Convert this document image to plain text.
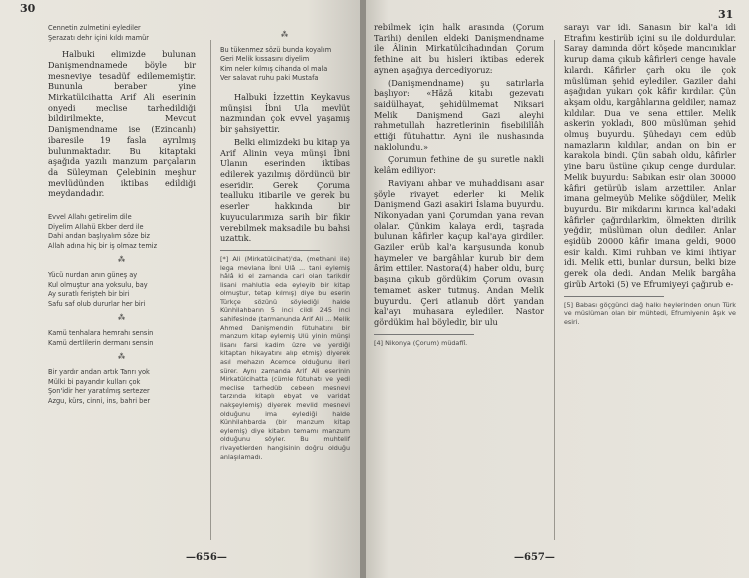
30
Cennetin zulmetini eylediler
Şerazatı dehr içini kıldı mamür

Halbuki elimizde bulunan Danişmendnamede böyle bir mesneviye tesadüf edilememiştir. Bununla beraber yine Mirkatülcihatta Arif Ali eserinin onyedi meclise tarhedildiği bildirilmekte, Mevcut Danişmendname ise (Ezincanlı) ibaresile 19 fasla ayrılmış bulunmaktadır. Bu kitaptaki aşağıda yazılı manzum parçaların da Süleyman Çelebinin meşhur mevlüdünden iktibas edildiği meydandadır.

Evvel Allahı getirelim dile
Diyelim Allahü Ekber derd ile
Dahi andan başlıyalım söze biz
Allah adına hiç bir iş olmaz temiz
⁂
Yücü nurdan anın güneş ay
Kul olmuştur ana yoksulu, bay
Ay suratlı ferişteh bir biri
Safu saf olub dururlar her biri
⁂
Kamü tenhalara hemrahı sensin
Kamü dertlilerin dermanı sensin
⁂
Bir yardır andan artık Tanrı yok
Mülki bi payandır kulları çok
Şon'idir her yaratılmış sertezer
Azgu, kürs, cinni, ins, bahri ber
⁂
Bu tükenmez sözü bunda koyalım
Geri Melik kıssasını diyelim
Kim neler kılmış cihanda ol mala
Ver salavat ruhu paki Mustafa

Halbuki İzzettin Keykavus münşisi İbni Ula mevlüt nazmından çok evvel yaşamış bir şahsiyettir.

Belki elimizdeki bu kitap ya Arif Alinin veya münşi İbni Ulanın eserinden iktibas edilerek yazılmış dördüncü bir eseridir. Gerek Çoruma tealluku itibarile ve gerek bu eserler hakkında bir kuyucularımıza sarih bir fikir verebilmek maksadile bu bahsi uzattık.

[*] Ali (Mirkatülcihat)'da, (methani ile) lega mevlana İbni Ulâ ... tani eylemiş hâlâ ki el zamanda cari olan tarikdir lisani mahlutla eda eyleyib bir kitap olmuştur, tetap kılmış) diye bu eserin Türkçe sözünü söylediği halde Künhilahbarın 5 inci cildi 245 inci sahifesinde (tarmanunda Arif Ali ... Melik Ahmed Danişmendin fütuhatını bir manzum kitap eylemiş Ulü yinin münşi lisanı farsi kadim üzre ve yerdiği kitaptan hikayatını alıp etmiş) diyerek asıl mehazın Acemce olduğunu ileri sürer. Aynı zamanda Arif Ali eserinin Mirkatülcihatta (cümle fütuhatı ve yedi meclise tarhedüb cebeen mesnevi tarzında kitaplı ebyat ve varidat nakşeylemiş) diyerek mevlid mesnevi olduğunu ima eylediği halde Künhilahbarda (bir manzum kitap eylemiş) diye kitabın temamı manzum olduğunu söyler. Bu muhtelif rivayetlerden hangisinin doğru olduğu anlaşılamadı.
—656—
31

rebilmek için halk arasında (Çorum Tarihi) denilen eldeki Danişmendname ile Âlinin Mirkatülcihadından Çorum fethine ait bu hisleri iktibas ederek aynen aşağıya dercediyoruz:

(Danişmendname) şu satırlarla başlıyor: «Häzä kitabı gezevatı saidülhayat, şehidülmemat Niksari Melik Danişmend Gazi aleyhi rahmetullah hazretlerinin fisebilillâh ettiği fütuhattır. Ayni ile nushasında naklolundu.»

Çorumun fethine de şu suretle nakli kelâm ediliyor:

Raviyanı ahbar ve muhaddisanı asar şöyle rivayet ederler ki Melik Danişmend Gazi asakiri İslama buyurdu. Nikonyadan yani Çorumdan yana revan olalar. Çünkim kalaya erdi, taşrada bulunan kâfirler kaçup kal'aya girdiler. Gaziler erüb kal'a karşusunda konub haymeler ve bargâhlar kurub bir dem ârim ettiler. Nastora(4) haber oldu, burç başına çıkub gördükim Çorum ovasın temamet asker tutmuş. Andan Melik buyurdu. Çeri atlanub dört yandan kal'ayı muhasara eylediler. Nastor gördükim hal böyledir, bir ulu

[4] Nikonya (Çorum) müdafiî.

sarayı var idi. Sanasın bir kal'a idi Etrafını kestirüb içini su ile doldurdular. Saray damında dört köşede mancınıklar kurup dama çıkub kâfirleri cenge havale kılardı. Kâfirler çarh oku ile çok müslüman şehid eylediler. Gaziler dahi aşağıdan yukarı çok kâfir kırdılar. Çün akşam oldu, kargâhlarına geldiler, namaz kıldılar. Dua ve sena ettiler. Melik askerin yokladı, 800 müslüman şehid olmuş buyurdu. Şühedayı cem edüb namazların kıldılar, andan on bin er karakola bindi. Çün sabah oldu, kâfirler yine baru üstüne çıkup cenge durdular. Melik buyurdu: Sabıkan esir olan 30000 kâfiri getürüb islam arzettiler. Anlar imana gelmeyüb Melike söğdüler, Melik buyurdu. Bir mikdarını kırınca kal'adaki kâfirler çağırdılarkim, ölmekten dirilik yeğdir, müslüman olun dediler. Anlar eşidüb 20000 kâfir imana geldi, 9000 esir kaldı. Kimi ruhban ve kimi ihtiyar idi. Melik etti, bunlar dursun, belki bize gerek ola dedi. Andan Melik bargâha girüb Artoki (5) ve Efrumiyeyi çağırub e-

[5] Babası göçgünci dağ halkı heylerinden onun Türk ve müslüman olan bir mühtedi, Efrumiyenin âşık ve esiri.
—657—
